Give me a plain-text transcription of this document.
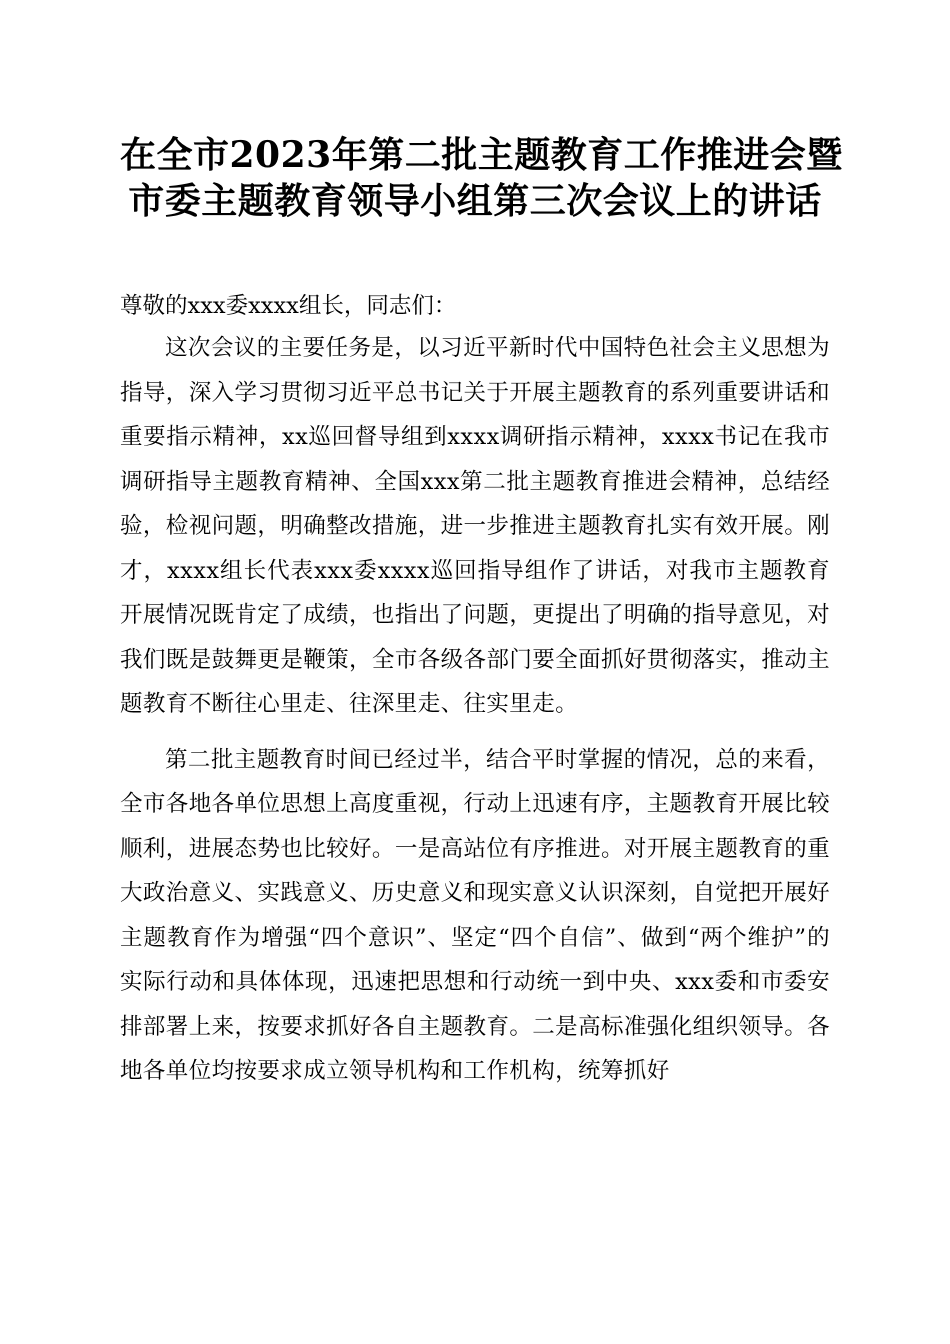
在全市2023年第二批主题教育工作推进会暨
市委主题教育领导小组第三次会议上的讲话

尊敬的xxx委xxxx组长，同志们：

这次会议的主要任务是，以习近平新时代中国特色社会主义思想为指导，深入学习贯彻习近平总书记关于开展主题教育的系列重要讲话和重要指示精神，xx巡回督导组到xxxx调研指示精神，xxxx书记在我市调研指导主题教育精神、全国xxx第二批主题教育推进会精神，总结经验，检视问题，明确整改措施，进一步推进主题教育扎实有效开展。刚才，xxxx组长代表xxx委xxxx巡回指导组作了讲话，对我市主题教育开展情况既肯定了成绩，也指出了问题，更提出了明确的指导意见，对我们既是鼓舞更是鞭策，全市各级各部门要全面抓好贯彻落实，推动主题教育不断往心里走、往深里走、往实里走。

第二批主题教育时间已经过半，结合平时掌握的情况，总的来看，全市各地各单位思想上高度重视，行动上迅速有序，主题教育开展比较顺利，进展态势也比较好。一是高站位有序推进。对开展主题教育的重大政治意义、实践意义、历史意义和现实意义认识深刻，自觉把开展好主题教育作为增强“四个意识”、坚定“四个自信”、做到“两个维护”的实际行动和具体体现，迅速把思想和行动统一到中央、xxx委和市委安排部署上来，按要求抓好各自主题教育。二是高标准强化组织领导。各地各单位均按要求成立领导机构和工作机构，统筹抓好
